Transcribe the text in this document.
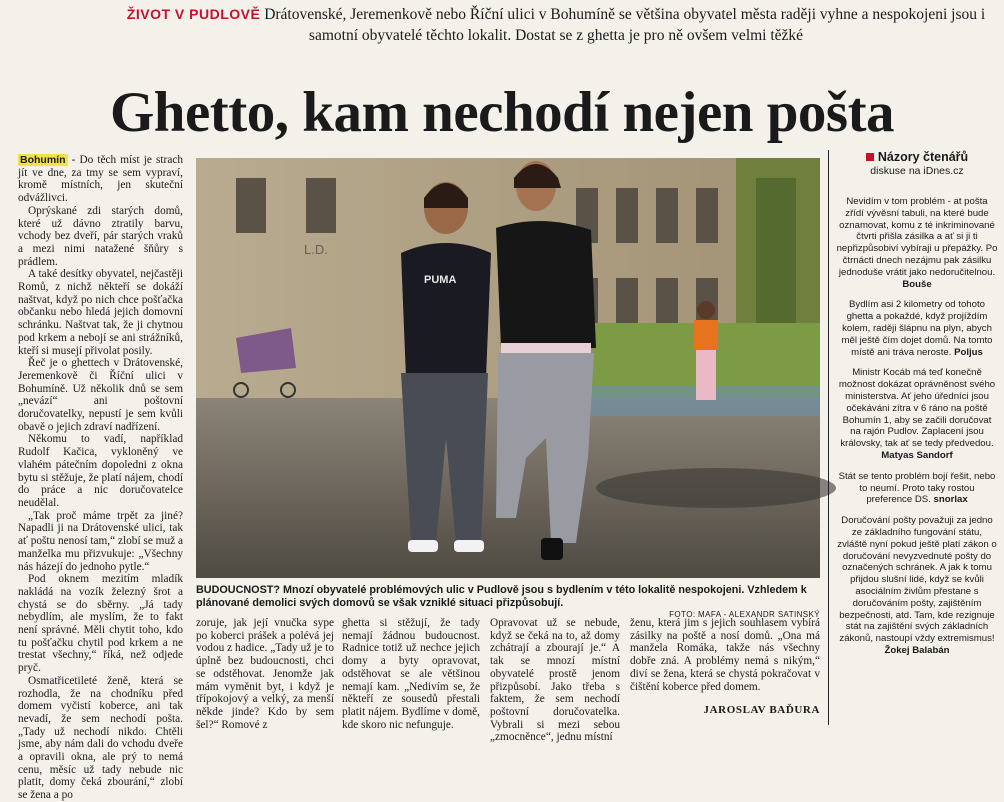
ŽIVOT V PUDLOVĚ Drátovenské, Jeremenkově nebo Říční ulici v Bohumíně se většina obyvatel města raději vyhne a nespokojeni jsou i samotní obyvatelé těchto lokalit. Dostat se z ghetta je pro ně ovšem velmi těžké
Ghetto, kam nechodí nejen pošta

Bohumín - Do těch míst je strach jít ve dne, za tmy se sem vypraví, kromě místních, jen skuteční odvážlivci.

Oprýskané zdi starých domů, které už dávno ztratily barvu, vchody bez dveří, pár starých vraků a mezi nimi natažené šňůry s prádlem.

A také desítky obyvatel, nejčastěji Romů, z nichž někteří se dokáží naštvat, když po nich chce pošťačka občanku nebo hledá jejich domovní schránku. Naštvat tak, že ji chytnou pod krkem a nebojí se ani strážníků, kteří si musejí přivolat posily.

Řeč je o ghettech v Drátovenské, Jeremenkově či Říční ulici v Bohumíně. Už několik dnů se sem „nevází“ ani poštovní doručovatelky, nepustí je sem kvůli obavě o jejich zdraví nadřízení.

Někomu to vadí, například Rudolf Kačica, vykloněný ve vlahém pátečním dopoledni z okna bytu si stěžuje, že platí nájem, chodí do práce a nic doručovatelce neudělal.

„Tak proč máme trpět za jiné? Napadli ji na Drátovenské ulici, tak ať poštu nenosí tam,“ zlobí se muž a manželka mu přizvukuje: „Všechny nás házejí do jednoho pytle.“

Pod oknem mezitím mladík nakládá na vozík železný šrot a chystá se do sběrny. „Já tady nebydlím, ale myslím, že to fakt není správné. Měli chytit toho, kdo tu pošťačku chytil pod krkem a ne trestat všechny,“ říká, než odjede pryč.

Osmatřicetileté ženě, která se rozhodla, že na chodníku před domem vyčistí koberce, ani tak nevadí, že sem nechodí pošta. „Tady už nechodí nikdo. Chtěli jsme, aby nám dali do vchodu dveře a opravili okna, ale prý to nemá cenu, měsíc už tady nebude nic platit, domy čeká zbourání,“ zlobí se žena a po

L.D.
PUMA
BUDOUCNOST? Mnozí obyvatelé problémových ulic v Pudlově jsou s bydlením v této lokalitě nespokojeni. Vzhledem k plánované demolici svých domovů se však vzniklé situaci přizpůsobují.
FOTO: MAFA - ALEXANDR SATINSKÝ
zoruje, jak její vnučka sype po koberci prášek a polévá jej vodou z hadice. „Tady už je to úplně bez budoucnosti, chci se odstěhovat. Jenomže jak mám vyměnit byt, i když je třípokojový a velký, za menší někde jinde? Kdo by sem šel?“ Romové z
ghetta si stěžují, že tady nemají žádnou budoucnost. Radnice totiž už nechce jejich domy a byty opravovat, odstěhovat se ale většinou nemají kam. „Nedivím se, že někteří ze sousedů přestali platit nájem. Bydlíme v domě, kde skoro nic nefunguje.
Opravovat už se nebude, když se čeká na to, až domy zchátrají a zbourají je.“ A tak se mnozí místní obyvatelé prostě jenom přizpůsobí. Jako třeba s faktem, že sem nechodí poštovní doručovatelka. Vybrali si mezi sebou „zmocněnce“, jednu místní
ženu, která jim s jejich souhlasem vybírá zásilky na poště a nosí domů. „Ona má manžela Romáka, takže nás všechny dobře zná. A problémy nemá s nikým,“ diví se žena, která se chystá pokračovat v čištění koberce před domem.
JAROSLAV BAĎURA
Názory čtenářů
diskuse na iDnes.cz

Nevidím v tom problém - at pošta zřídí vývěsní tabuli, na které bude oznamovat, komu z té inkriminované čtvrti přišla zásilka a ať si ji ti nepřizpůsobiví vybíraji u přepážky. Po čtrnácti dnech nezájmu pak zásilku jednoduše vrátit jako nedoručitelnou. Bouše

Bydlím asi 2 kilometry od tohoto ghetta a pokaždé, když projíždím kolem, raději šlápnu na plyn, abych měl ještě čím dojet domů. Na tomto místě ani tráva neroste. Poljus

Ministr Kocáb má teď konečně možnost dokázat oprávněnost svého ministerstva. Ať jeho úředníci jsou očekáváni zítra v 6 ráno na poště Bohumín 1, aby se začili doručovat na rajón Pudlov. Zaplacení jsou královsky, tak ať se tedy předvedou. Matyas Sandorf

Stát se tento problém bojí řešit, nebo to neumí. Proto taky rostou preference DS. snorlax

Doručování pošty považuji za jedno ze základního fungování státu, zvláště nyní pokud ještě platí zákon o doručování nevyzvednuté pošty do označených schránek. A jak k tomu přijdou slušní lidé, když se kvůli asociálním živlům přestane s doručováním pošty, zajištěním bezpečnosti, atd. Tam, kde rezignuje stát na zajištění svých základních zákonů, nastoupí vždy extremismus! Žokej Balabán
